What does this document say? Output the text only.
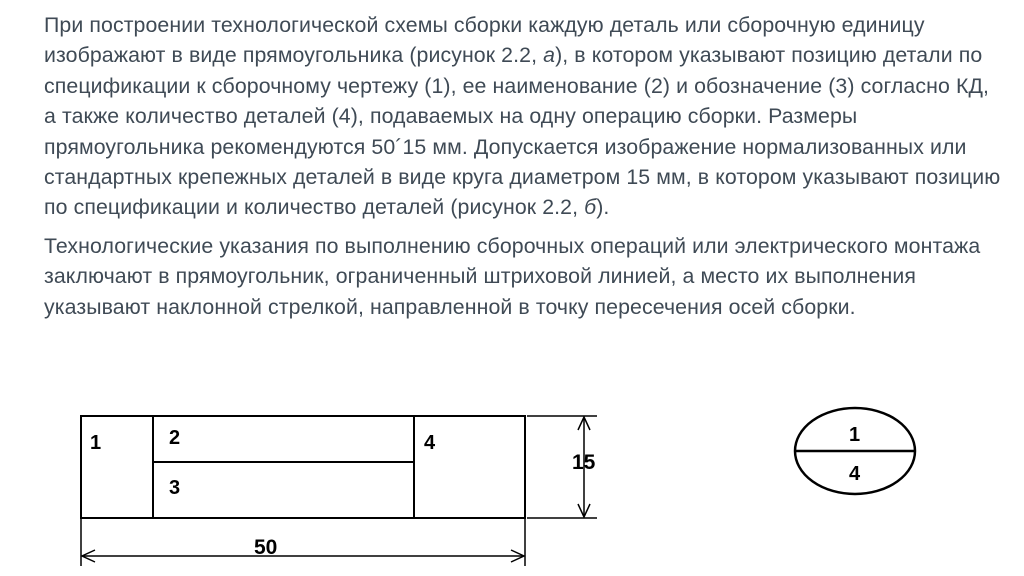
При построении технологической схемы сборки каждую деталь или сборочную единицу изображают в виде прямоугольника (рисунок 2.2, а), в котором указывают позицию детали по спецификации к сборочному чертежу (1), ее наименование (2) и обозначение (3) согласно КД, а также количество деталей (4), подаваемых на одну операцию сборки. Размеры прямоугольника рекомендуются 50´15 мм. Допускается изображение нормализованных или стандартных крепежных деталей в виде круга диаметром 15 мм, в котором указывают позицию по спецификации и количество деталей (рисунок 2.2, б).

Технологические указания по выполнению сборочных операций или электрического монтажа заключают в прямоугольник, ограниченный штриховой линией, а место их выполнения указывают наклонной стрелкой, направленной в точку пересечения осей сборки.

1	2
3
4
15
50
1
4
